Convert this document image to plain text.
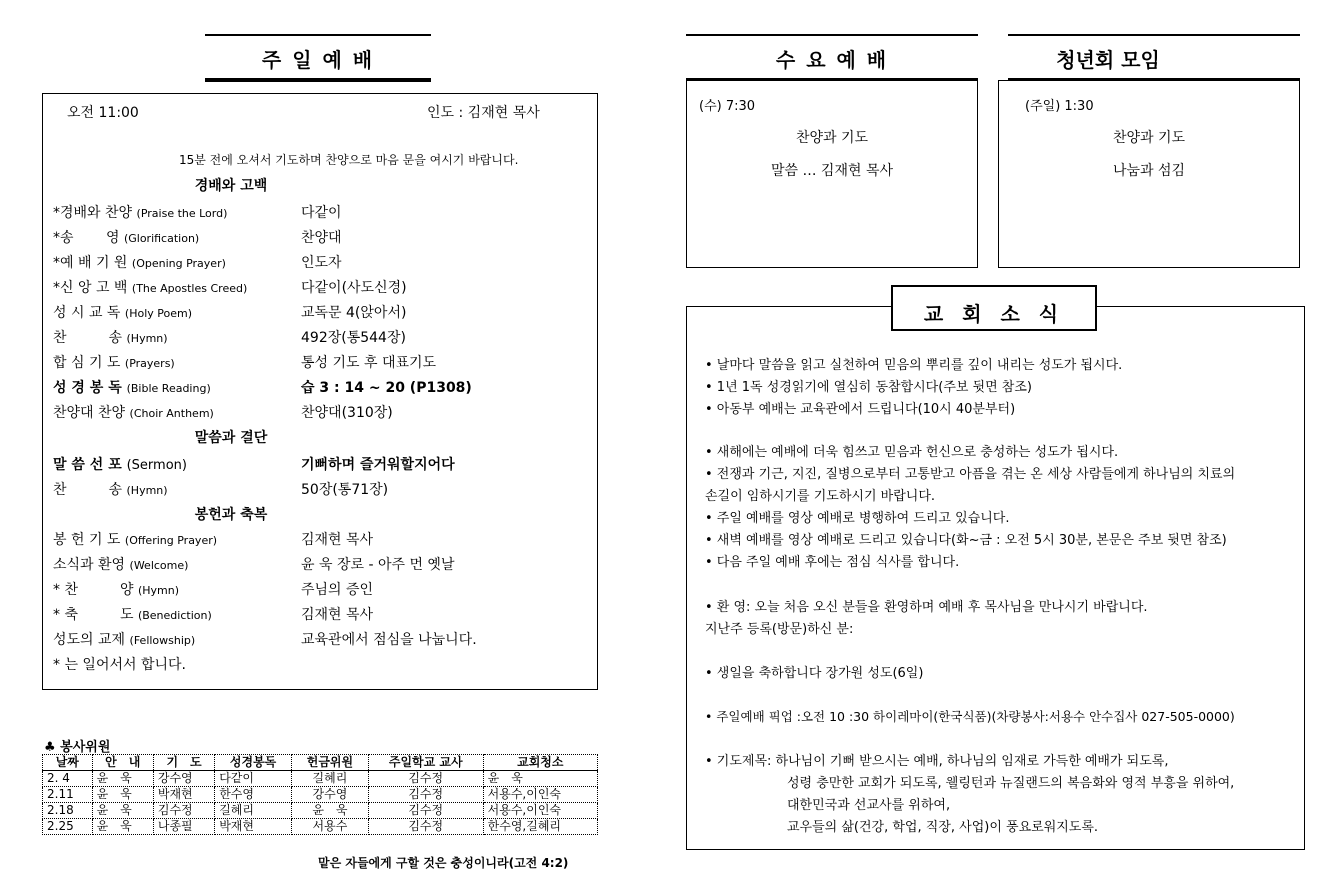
주 일 예 배
오전 11:00	인도 : 김재현 목사
15분 전에 오셔서 기도하며 찬양으로 마음 문을 여시기 바랍니다.
경배와 고백
*경배와 찬양 (Praise the Lord)	다같이
*송　　 영 (Glorification)	찬양대
*예 배 기 원 (Opening Prayer)	인도자
*신 앙 고 백 (The Apostles Creed)	다같이(사도신경)
성 시 교 독 (Holy Poem)	교독문 4(앉아서)
찬　　　송 (Hymn)	492장(통544장)
합 심 기 도 (Prayers)	통성 기도 후 대표기도
성 경 봉 독 (Bible Reading)	습 3 : 14 ~ 20 (P1308)
찬양대 찬양 (Choir Anthem)	찬양대(310장)
말씀과 결단
말 씀 선 포 (Sermon)	기뻐하며 즐거워할지어다
찬　　　송 (Hymn)	50장(통71장)
봉헌과 축복
봉 헌 기 도 (Offering Prayer)	김재현 목사
소식과 환영 (Welcome)	윤 욱 장로 - 아주 먼 옛날
* 찬　　　양 (Hymn)	주님의 증인
* 축　　　도 (Benediction)	김재현 목사
성도의 교제 (Fellowship)	교육관에서 점심을 나눕니다.
* 는 일어서서 합니다.
♣ 봉사위원
날짜	안　내	기　도	성경봉독	헌금위원	주일학교 교사	교회청소
2. 4	윤　욱	강수영	다같이	길혜리	김수정	윤　욱
2.11	윤　욱	박재현	한수영	강수영	김수정	서용수,이인숙
2.18	윤　욱	김수정	길혜리	윤　욱	김수정	서용수,이인숙
2.25	윤　욱	나종필	박재현	서용수	김수정	한수영,길혜리
맡은 자들에게 구할 것은 충성이니라(고전 4:2)
수 요 예 배
(수) 7:30
찬양과 기도
말씀 … 김재현 목사
청년회 모임
(주일) 1:30
찬양과 기도
나눔과 섬김
• 날마다 말씀을 읽고 실천하여 믿음의 뿌리를 깊이 내리는 성도가 됩시다.
• 1년 1독 성경읽기에 열심히 동참합시다(주보 뒷면 참조)
• 아동부 예배는 교육관에서 드립니다(10시 40분부터)
• 새해에는 예배에 더욱 힘쓰고 믿음과 헌신으로 충성하는 성도가 됩시다.
• 전쟁과 기근, 지진, 질병으로부터 고통받고 아픔을 겪는 온 세상 사람들에게 하나님의 치료의
손길이 임하시기를 기도하시기 바랍니다.
• 주일 예배를 영상 예배로 병행하여 드리고 있습니다.
• 새벽 예배를 영상 예배로 드리고 있습니다(화~금 : 오전 5시 30분, 본문은 주보 뒷면 참조)
• 다음 주일 예배 후에는 점심 식사를 합니다.
• 환 영: 오늘 처음 오신 분들을 환영하며 예배 후 목사님을 만나시기 바랍니다.
지난주 등록(방문)하신 분:
• 생일을 축하합니다 장가원 성도(6일)
• 주일예배 픽업 :오전 10 :30 하이레마이(한국식품)(차량봉사:서용수 안수집사 027-505-0000)
• 기도제목: 하나님이 기뻐 받으시는 예배, 하나님의 임재로 가득한 예배가 되도록,
성령 충만한 교회가 되도록, 웰링턴과 뉴질랜드의 복음화와 영적 부흥을 위하여,
대한민국과 선교사를 위하여,
교우들의 삶(건강, 학업, 직장, 사업)이 풍요로워지도록.
교 회 소 식
